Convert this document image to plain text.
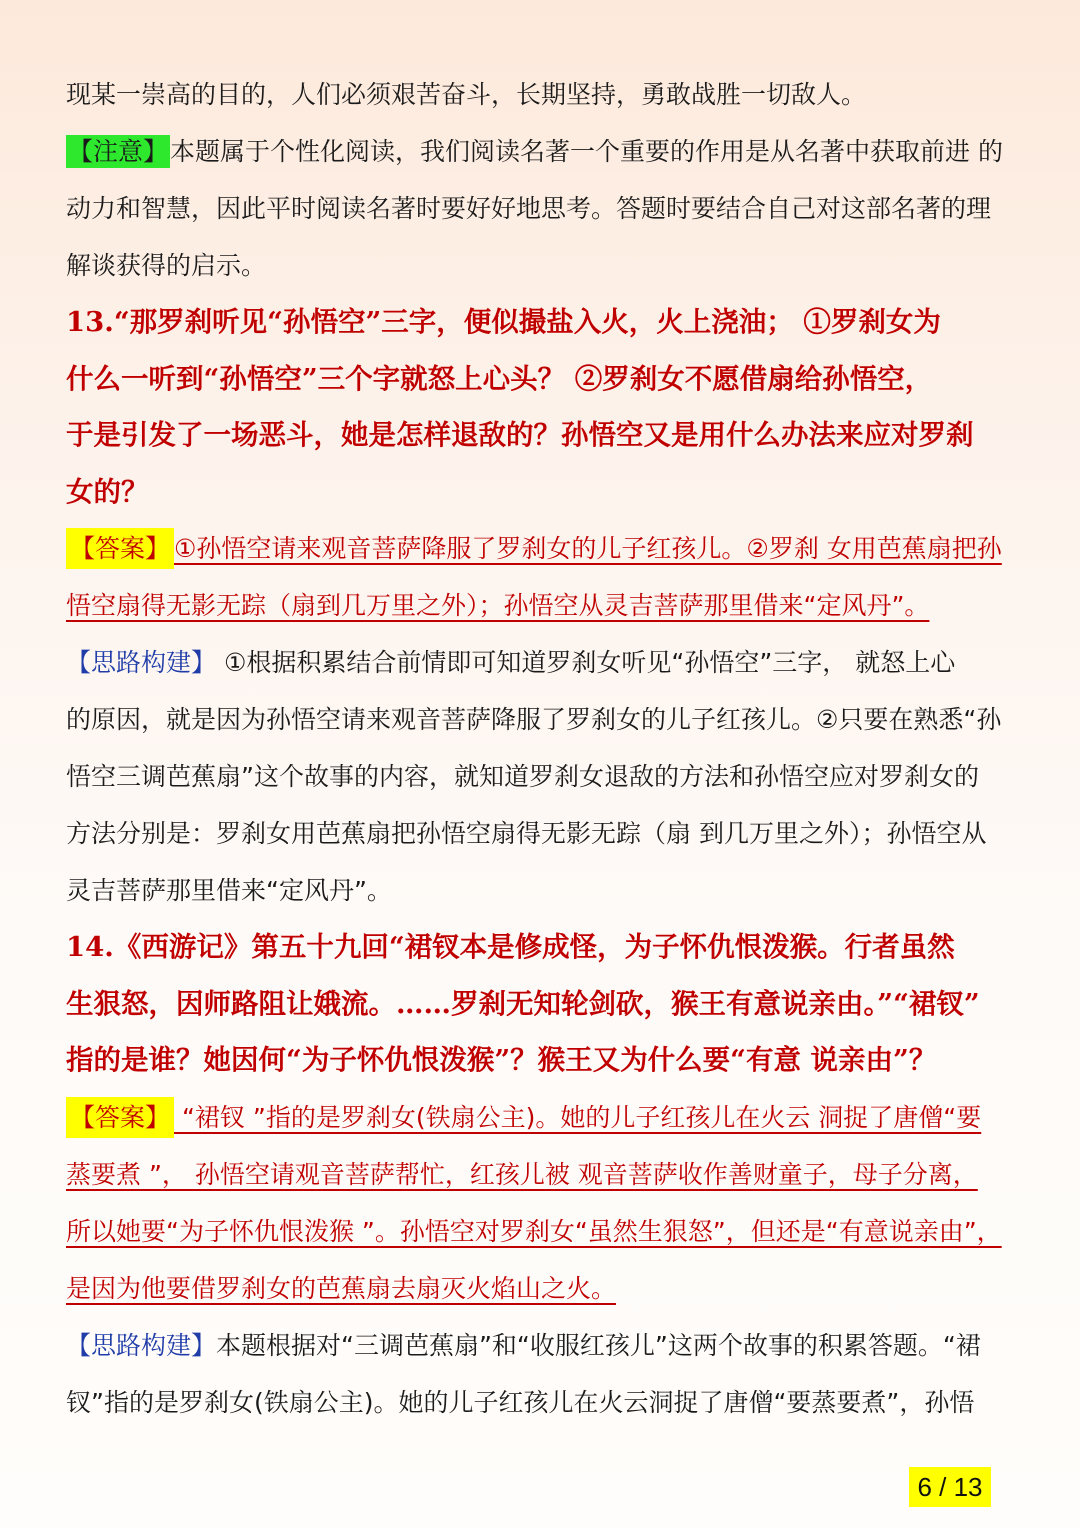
现某一崇高的目的，人们必须艰苦奋斗，长期坚持，勇敢战胜一切敌人。
【注意】本题属于个性化阅读，我们阅读名著一个重要的作用是从名著中获取前进 的
动力和智慧，因此平时阅读名著时要好好地思考。答题时要结合自己对这部名著的理
解谈获得的启示。
13.“那罗刹听见“孙悟空”三字，便似撮盐入火，火上浇油； ①罗刹女为
什么一听到“孙悟空”三个字就怒上心头？ ②罗刹女不愿借扇给孙悟空，
于是引发了一场恶斗，她是怎样退敌的？孙悟空又是用什么办法来应对罗刹
女的？
【答案】 ①孙悟空请来观音菩萨降服了罗刹女的儿子红孩儿。②罗刹 女用芭蕉扇把孙
悟空扇得无影无踪（扇到几万里之外）；孙悟空从灵吉菩萨那里借来“定风丹”。
【思路构建】 ①根据积累结合前情即可知道罗刹女听见“孙悟空”三字， 就怒上心
的原因，就是因为孙悟空请来观音菩萨降服了罗刹女的儿子红孩儿。②只要在熟悉“孙
悟空三调芭蕉扇”这个故事的内容，就知道罗刹女退敌的方法和孙悟空应对罗刹女的
方法分别是：罗刹女用芭蕉扇把孙悟空扇得无影无踪（扇 到几万里之外）；孙悟空从
灵吉菩萨那里借来“定风丹”。
14.《西游记》第五十九回“裙钗本是修成怪，为子怀仇恨泼猴。行者虽然
生狠怒，因师路阻让娥流。……罗刹无知轮剑砍，猴王有意说亲由。”“裙钗”
指的是谁？她因何“为子怀仇恨泼猴”？猴王又为什么要“有意 说亲由”？
【答案】 “裙钗 ”指的是罗刹女(铁扇公主)。她的儿子红孩儿在火云 洞捉了唐僧“要
蒸要煮 ”， 孙悟空请观音菩萨帮忙，红孩儿被 观音菩萨收作善财童子，母子分离，
所以她要“为子怀仇恨泼猴 ”。孙悟空对罗刹女“虽然生狠怒”，但还是“有意说亲由”，
是因为他要借罗刹女的芭蕉扇去扇灭火焰山之火。
【思路构建】本题根据对“三调芭蕉扇”和“收服红孩儿”这两个故事的积累答题。“裙
钗”指的是罗刹女(铁扇公主)。她的儿子红孩儿在火云洞捉了唐僧“要蒸要煮”，孙悟
6 / 13
